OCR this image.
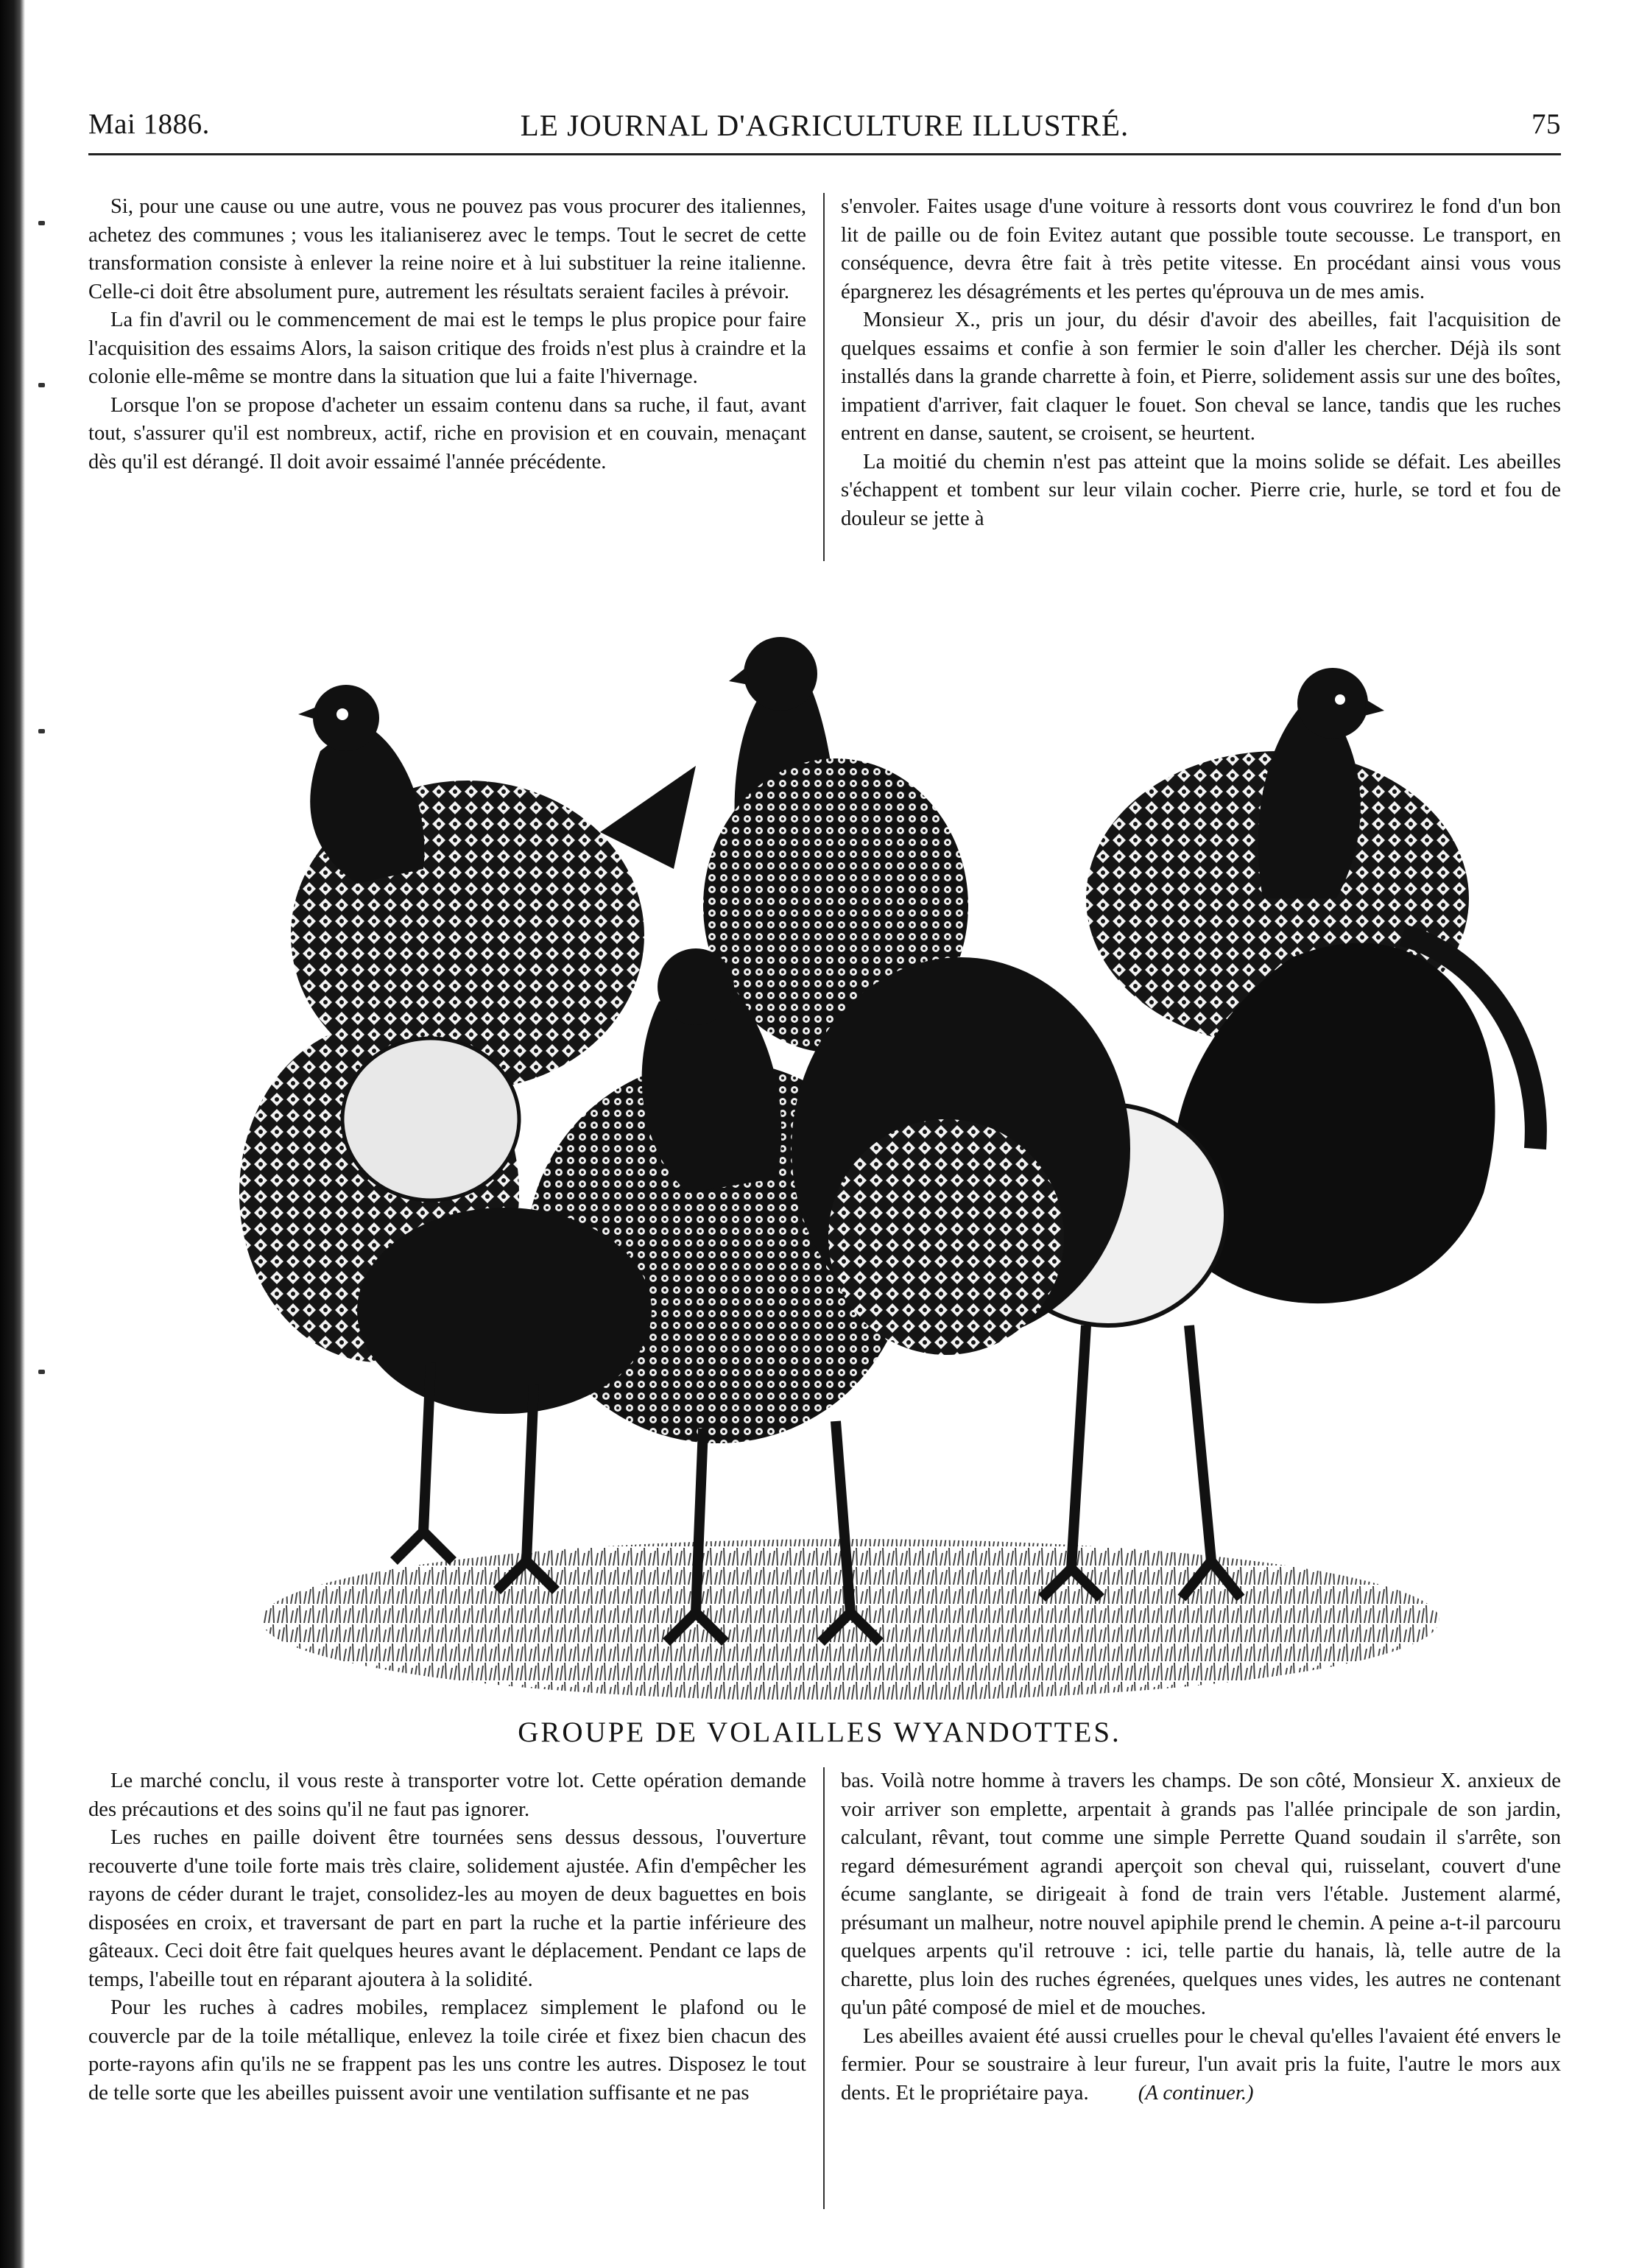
Mai 1886.	LE JOURNAL D'AGRICULTURE ILLUSTRÉ.	75

Si, pour une cause ou une autre, vous ne pouvez pas vous procurer des italiennes, achetez des communes ; vous les italianiserez avec le temps. Tout le secret de cette transformation consiste à enlever la reine noire et à lui substituer la reine italienne. Celle-ci doit être absolument pure, autrement les résultats seraient faciles à prévoir.

La fin d'avril ou le commencement de mai est le temps le plus propice pour faire l'acquisition des essaims Alors, la saison critique des froids n'est plus à craindre et la colonie elle-même se montre dans la situation que lui a faite l'hivernage.

Lorsque l'on se propose d'acheter un essaim contenu dans sa ruche, il faut, avant tout, s'assurer qu'il est nombreux, actif, riche en provision et en couvain, menaçant dès qu'il est dérangé. Il doit avoir essaimé l'année précédente.

s'envoler. Faites usage d'une voiture à ressorts dont vous couvrirez le fond d'un bon lit de paille ou de foin Evitez autant que possible toute secousse. Le transport, en conséquence, devra être fait à très petite vitesse. En procédant ainsi vous vous épargnerez les désagréments et les pertes qu'éprouva un de mes amis.

Monsieur X., pris un jour, du désir d'avoir des abeilles, fait l'acquisition de quelques essaims et confie à son fermier le soin d'aller les chercher. Déjà ils sont installés dans la grande charrette à foin, et Pierre, solidement assis sur une des boîtes, impatient d'arriver, fait claquer le fouet. Son cheval se lance, tandis que les ruches entrent en danse, sautent, se croisent, se heurtent.

La moitié du chemin n'est pas atteint que la moins solide se défait. Les abeilles s'échappent et tombent sur leur vilain cocher. Pierre crie, hurle, se tord et fou de douleur se jette à

GROUPE DE VOLAILLES WYANDOTTES.

Le marché conclu, il vous reste à transporter votre lot. Cette opération demande des précautions et des soins qu'il ne faut pas ignorer.

Les ruches en paille doivent être tournées sens dessus dessous, l'ouverture recouverte d'une toile forte mais très claire, solidement ajustée. Afin d'empêcher les rayons de céder durant le trajet, consolidez-les au moyen de deux baguettes en bois disposées en croix, et traversant de part en part la ruche et la partie inférieure des gâteaux. Ceci doit être fait quelques heures avant le déplacement. Pendant ce laps de temps, l'abeille tout en réparant ajoutera à la solidité.

Pour les ruches à cadres mobiles, remplacez simplement le plafond ou le couvercle par de la toile métallique, enlevez la toile cirée et fixez bien chacun des porte-rayons afin qu'ils ne se frappent pas les uns contre les autres. Disposez le tout de telle sorte que les abeilles puissent avoir une ventilation suffisante et ne pas

bas. Voilà notre homme à travers les champs. De son côté, Monsieur X. anxieux de voir arriver son emplette, arpentait à grands pas l'allée principale de son jardin, calculant, rêvant, tout comme une simple Perrette Quand soudain il s'arrête, son regard démesurément agrandi aperçoit son cheval qui, ruisselant, couvert d'une écume sanglante, se dirigeait à fond de train vers l'étable. Justement alarmé, présumant un malheur, notre nouvel apiphile prend le chemin. A peine a-t-il parcouru quelques arpents qu'il retrouve : ici, telle partie du hanais, là, telle autre de la charette, plus loin des ruches égrenées, quelques unes vides, les autres ne contenant qu'un pâté composé de miel et de mouches.

Les abeilles avaient été aussi cruelles pour le cheval qu'elles l'avaient été envers le fermier. Pour se soustraire à leur fureur, l'un avait pris la fuite, l'autre le mors aux dents. Et le propriétaire paya. (A continuer.)
